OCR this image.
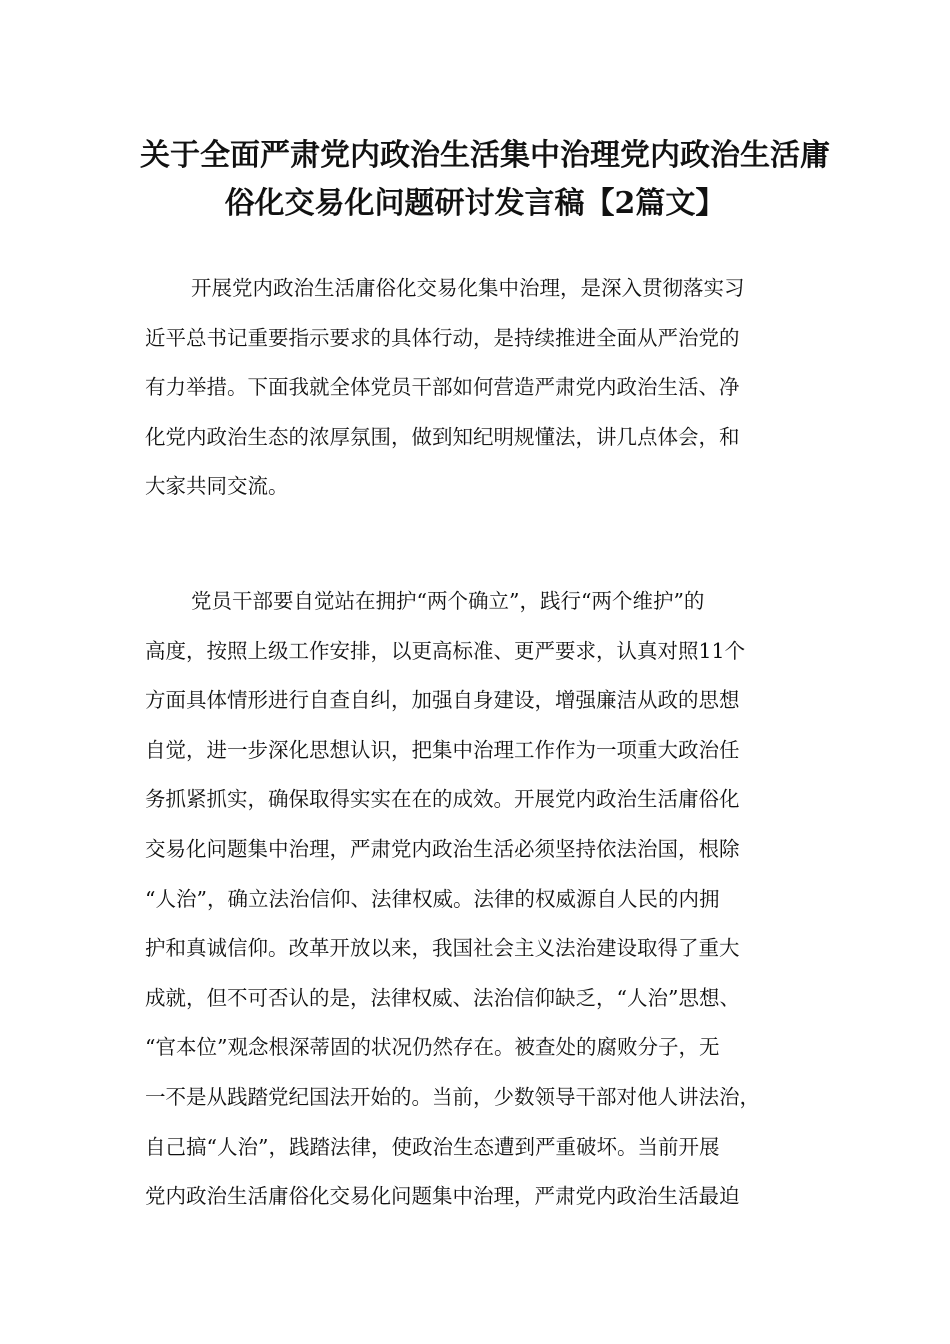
关于全面严肃党内政治生活集中治理党内政治生活庸
俗化交易化问题研讨发言稿【2篇文】

开展党内政治生活庸俗化交易化集中治理，是深入贯彻落实习
近平总书记重要指示要求的具体行动，是持续推进全面从严治党的
有力举措。下面我就全体党员干部如何营造严肃党内政治生活、净
化党内政治生态的浓厚氛围，做到知纪明规懂法，讲几点体会，和
大家共同交流。

党员干部要自觉站在拥护“两个确立”，践行“两个维护”的
高度，按照上级工作安排，以更高标准、更严要求，认真对照11个
方面具体情形进行自查自纠，加强自身建设，增强廉洁从政的思想
自觉，进一步深化思想认识，把集中治理工作作为一项重大政治任
务抓紧抓实，确保取得实实在在的成效。开展党内政治生活庸俗化
交易化问题集中治理，严肃党内政治生活必须坚持依法治国，根除
“人治”，确立法治信仰、法律权威。法律的权威源自人民的内拥
护和真诚信仰。改革开放以来，我国社会主义法治建设取得了重大
成就，但不可否认的是，法律权威、法治信仰缺乏，“人治”思想、
“官本位”观念根深蒂固的状况仍然存在。被查处的腐败分子，无
一不是从践踏党纪国法开始的。当前，少数领导干部对他人讲法治，
自己搞“人治”，践踏法律，使政治生态遭到严重破坏。当前开展
党内政治生活庸俗化交易化问题集中治理，严肃党内政治生活最迫
